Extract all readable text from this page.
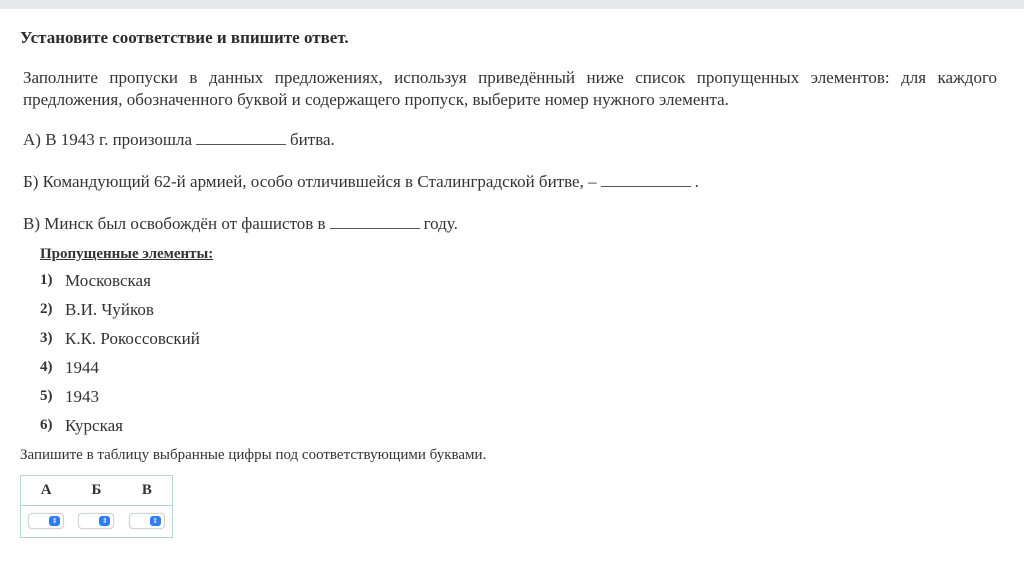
Установите соответствие и впишите ответ.
Заполните пропуски в данных предложениях, используя приведённый ниже список пропущенных элементов: для каждого предложения, обозначенного буквой и содержащего пропуск, выберите номер нужного элемента.
А) В 1943 г. произошла	битва.
Б) Командующий 62-й армией, особо отличившейся в Сталинградской битве, –	.
В) Минск был освобождён от фашистов в	году.
Пропущенные элементы:
1) Московская
2) В.И. Чуйков
3) К.К. Рокоссовский
4) 1944
5) 1943
6) Курская
Запишите в таблицу выбранные цифры под соответствующими буквами.
А	Б	В
⇕	⇕	⇕
